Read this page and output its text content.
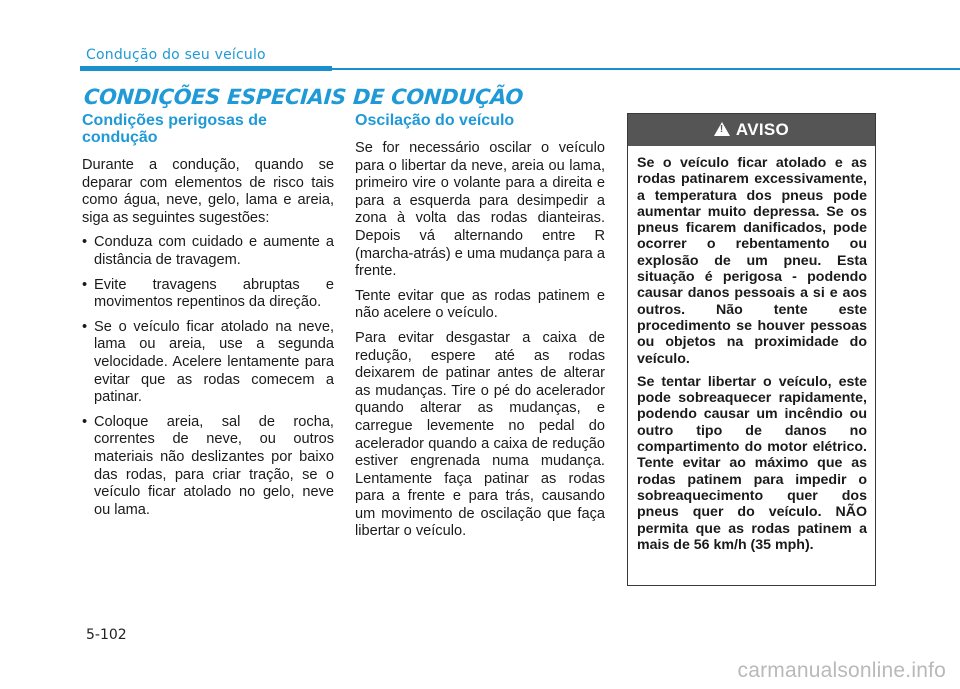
Condução do seu veículo
CONDIÇÕES ESPECIAIS DE CONDUÇÃO
Condições perigosas de condução

Durante a condução, quando se deparar com elementos de risco tais como água, neve, gelo, lama e areia, siga as seguintes sugestões:

• Conduza com cuidado e aumente a distância de travagem.
• Evite travagens abruptas e movimentos repentinos da direção.
• Se o veículo ficar atolado na neve, lama ou areia, use a segunda velocidade. Acelere lentamente para evitar que as rodas comecem a patinar.
• Coloque areia, sal de rocha, correntes de neve, ou outros materiais não deslizantes por baixo das rodas, para criar tração, se o veículo ficar atolado no gelo, neve ou lama.
Oscilação do veículo

Se for necessário oscilar o veículo para o libertar da neve, areia ou lama, primeiro vire o volante para a direita e para a esquerda para desimpedir a zona à volta das rodas dianteiras. Depois vá alternando entre R (marcha-atrás) e uma mudança para a frente.

Tente evitar que as rodas patinem e não acelere o veículo.

Para evitar desgastar a caixa de redução, espere até as rodas deixarem de patinar antes de alterar as mudanças. Tire o pé do acelerador quando alterar as mudanças, e carregue levemente no pedal do acelerador quando a caixa de redução estiver engrenada numa mudança. Lentamente faça patinar as rodas para a frente e para trás, causando um movimento de oscilação que faça libertar o veículo.

!
AVISO

Se o veículo ficar atolado e as rodas patinarem excessivamente, a temperatura dos pneus pode aumentar muito depressa. Se os pneus ficarem danificados, pode ocorrer o rebentamento ou explosão de um pneu. Esta situação é perigosa - podendo causar danos pessoais a si e aos outros. Não tente este procedimento se houver pessoas ou objetos na proximidade do veículo.

Se tentar libertar o veículo, este pode sobreaquecer rapidamente, podendo causar um incêndio ou outro tipo de danos no compartimento do motor elétrico. Tente evitar ao máximo que as rodas patinem para impedir o sobreaquecimento quer dos pneus quer do veículo. NÃO permita que as rodas patinem a mais de 56 km/h (35 mph).

5-102
carmanualsonline.info
